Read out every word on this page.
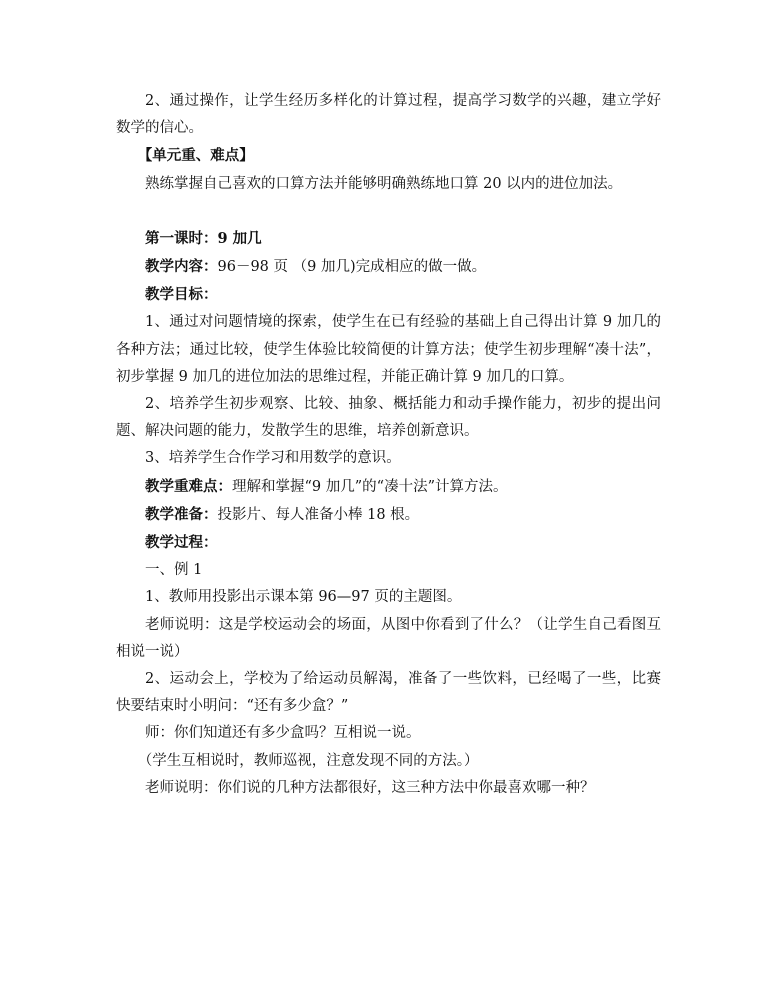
2、通过操作，让学生经历多样化的计算过程，提高学习数学的兴趣，建立学好数学的信心。

【单元重、难点】

熟练掌握自己喜欢的口算方法并能够明确熟练地口算 20 以内的进位加法。

第一课时：9 加几

教学内容：96－98 页 （9 加几)完成相应的做一做。

教学目标：

1、通过对问题情境的探索，使学生在已有经验的基础上自己得出计算 9 加几的各种方法；通过比较，使学生体验比较简便的计算方法；使学生初步理解“凑十法”，初步掌握 9 加几的进位加法的思维过程，并能正确计算 9 加几的口算。

2、培养学生初步观察、比较、抽象、概括能力和动手操作能力，初步的提出问题、解决问题的能力，发散学生的思维，培养创新意识。

3、培养学生合作学习和用数学的意识。

教学重难点：理解和掌握“9 加几”的“凑十法”计算方法。

教学准备：投影片、每人准备小棒 18 根。

教学过程：

一、例 1

1、教师用投影出示课本第 96—97 页的主题图。

老师说明：这是学校运动会的场面，从图中你看到了什么？（让学生自己看图互相说一说）

2、运动会上，学校为了给运动员解渴，准备了一些饮料，已经喝了一些，比赛快要结束时小明问：“还有多少盒？”

师：你们知道还有多少盒吗？互相说一说。

（学生互相说时，教师巡视，注意发现不同的方法。）

老师说明：你们说的几种方法都很好，这三种方法中你最喜欢哪一种？
